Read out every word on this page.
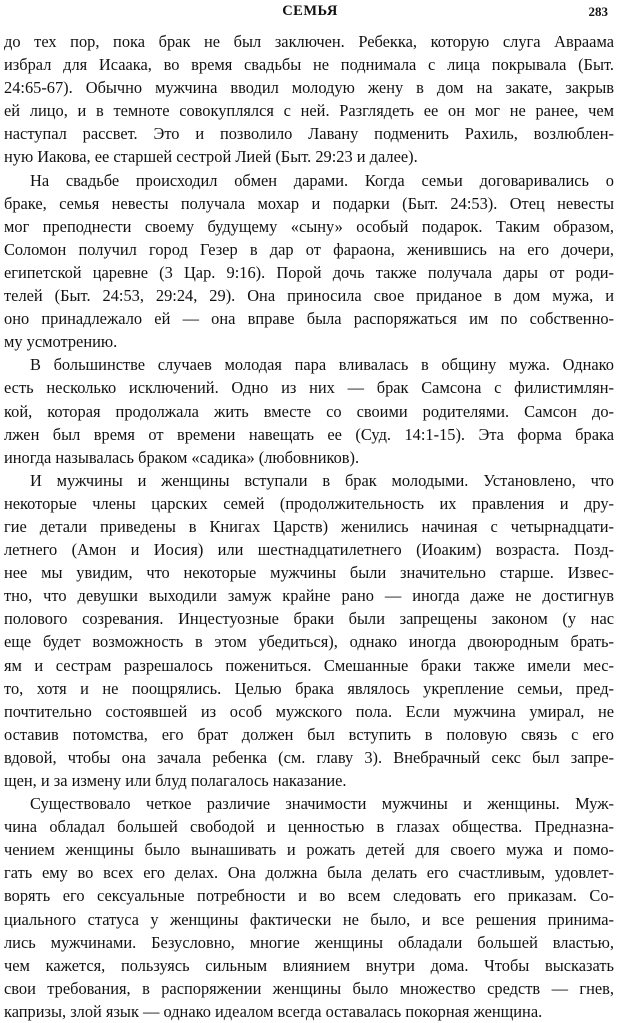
СЕМЬЯ	283
до тех пор, пока брак не был заключен. Ребекка, которую слуга Авраама
избрал для Исаака, во время свадьбы не поднимала с лица покрывала (Быт.
24:65-67). Обычно мужчина вводил молодую жену в дом на закате, закрыв
ей лицо, и в темноте совокуплялся с ней. Разглядеть ее он мог не ранее, чем
наступал рассвет. Это и позволило Лавану подменить Рахиль, возлюблен-
ную Иакова, ее старшей сестрой Лией (Быт. 29:23 и далее).
На свадьбе происходил обмен дарами. Когда семьи договаривались о
браке, семья невесты получала мохар и подарки (Быт. 24:53). Отец невесты
мог преподнести своему будущему «сыну» особый подарок. Таким образом,
Соломон получил город Гезер в дар от фараона, женившись на его дочери,
египетской царевне (3 Цар. 9:16). Порой дочь также получала дары от роди-
телей (Быт. 24:53, 29:24, 29). Она приносила свое приданое в дом мужа, и
оно принадлежало ей — она вправе была распоряжаться им по собственно-
му усмотрению.
В большинстве случаев молодая пара вливалась в общину мужа. Однако
есть несколько исключений. Одно из них — брак Самсона с филистимлян-
кой, которая продолжала жить вместе со своими родителями. Самсон до-
лжен был время от времени навещать ее (Суд. 14:1-15). Эта форма брака
иногда называлась браком «садика» (любовников).
И мужчины и женщины вступали в брак молодыми. Установлено, что
некоторые члены царских семей (продолжительность их правления и дру-
гие детали приведены в Книгах Царств) женились начиная с четырнадцати-
летнего (Амон и Иосия) или шестнадцатилетнего (Иоаким) возраста. Позд-
нее мы увидим, что некоторые мужчины были значительно старше. Извес-
тно, что девушки выходили замуж крайне рано — иногда даже не достигнув
полового созревания. Инцестуозные браки были запрещены законом (у нас
еще будет возможность в этом убедиться), однако иногда двоюродным брать-
ям и сестрам разрешалось пожениться. Смешанные браки также имели мес-
то, хотя и не поощрялись. Целью брака являлось укрепление семьи, пред-
почтительно состоявшей из особ мужского пола. Если мужчина умирал, не
оставив потомства, его брат должен был вступить в половую связь с его
вдовой, чтобы она зачала ребенка (см. главу 3). Внебрачный секс был запре-
щен, и за измену или блуд полагалось наказание.
Существовало четкое различие значимости мужчины и женщины. Муж-
чина обладал большей свободой и ценностью в глазах общества. Предназна-
чением женщины было вынашивать и рожать детей для своего мужа и помо-
гать ему во всех его делах. Она должна была делать его счастливым, удовлет-
ворять его сексуальные потребности и во всем следовать его приказам. Со-
циального статуса у женщины фактически не было, и все решения принима-
лись мужчинами. Безусловно, многие женщины обладали большей властью,
чем кажется, пользуясь сильным влиянием внутри дома. Чтобы высказать
свои требования, в распоряжении женщины было множество средств — гнев,
капризы, злой язык — однако идеалом всегда оставалась покорная женщина.
